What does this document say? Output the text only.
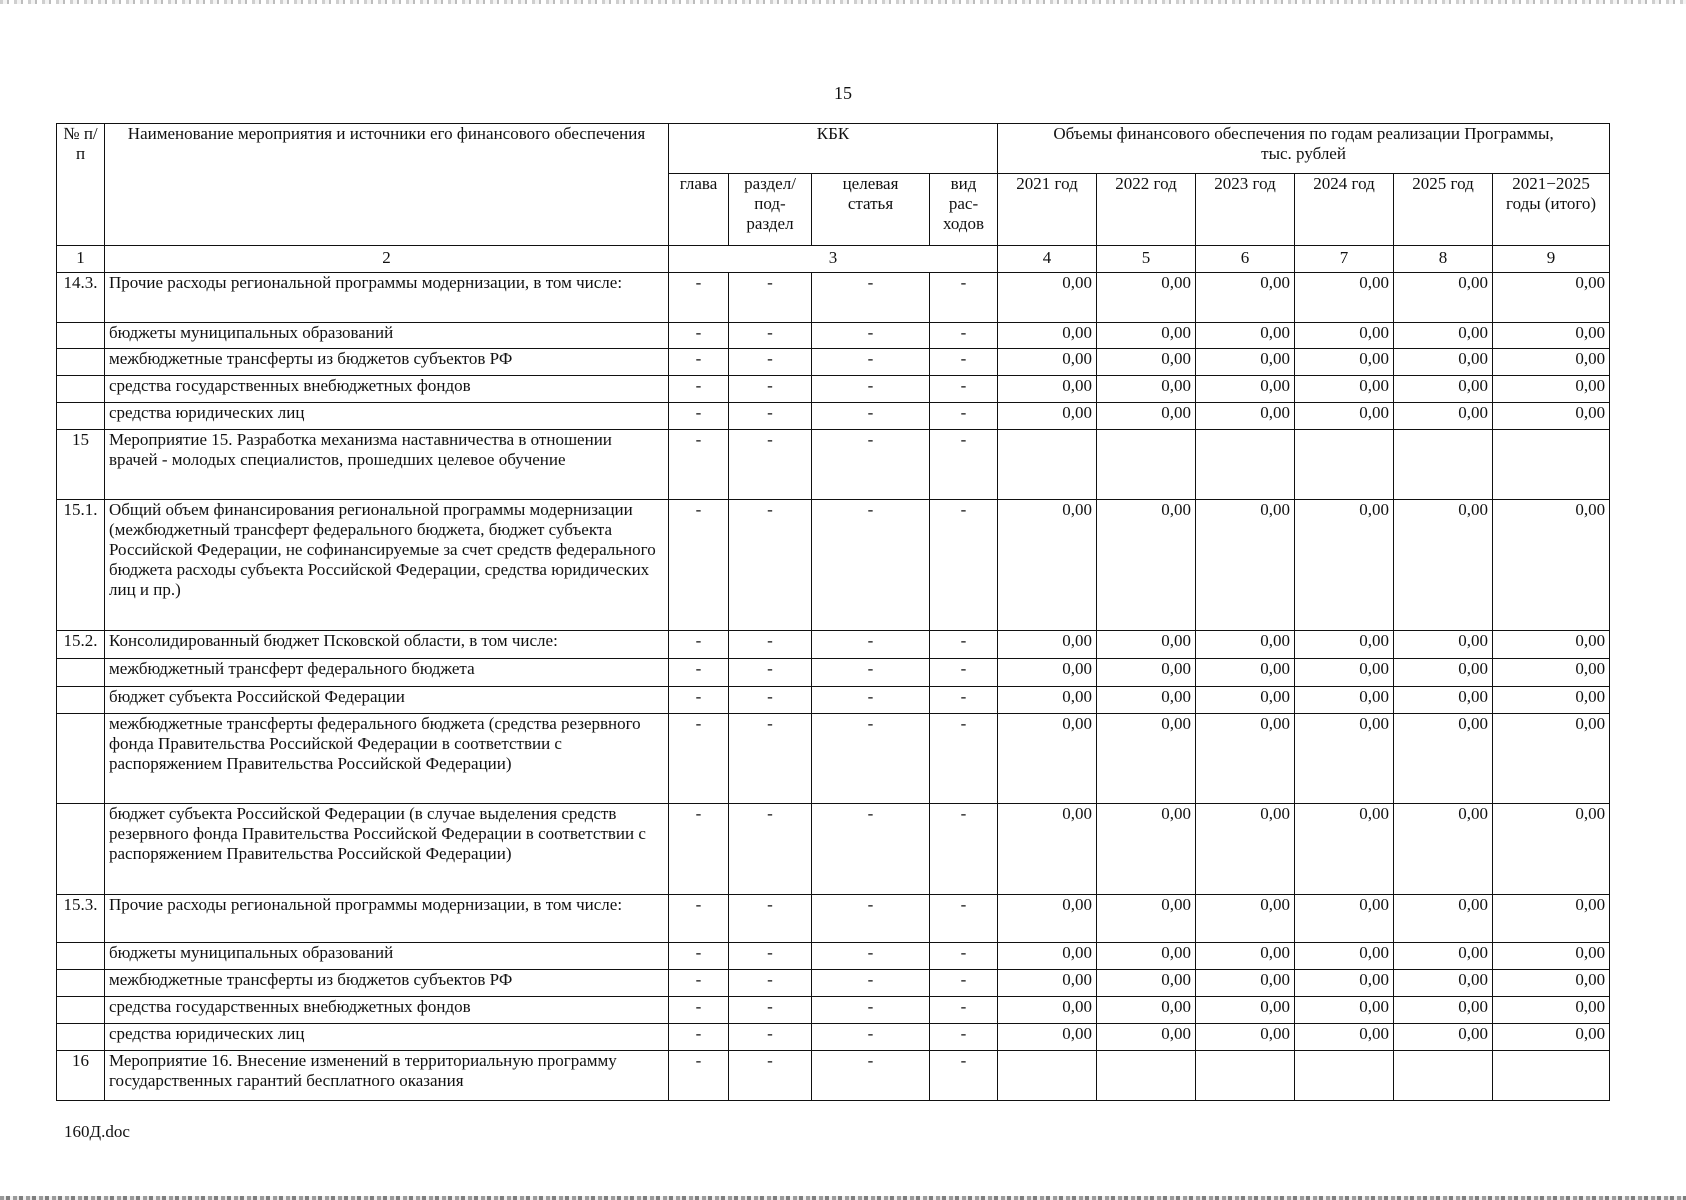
15
№ п/п	Наименование мероприятия и источники его финансового обеспечения	КБК				Объемы финансового обеспечения по годам реализации Программы, тыс. рублей					
		глава	раздел/ под- раздел	целевая статья	вид рас- ходов	2021 год	2022 год	2023 год	2024 год	2025 год	2021−2025 годы (итого)
1	2	3				4	5	6	7	8	9
14.3.	Прочие расходы региональной программы модернизации, в том числе:	-	-	-	-	0,00	0,00	0,00	0,00	0,00	0,00
	бюджеты муниципальных образований	-	-	-	-	0,00	0,00	0,00	0,00	0,00	0,00
	межбюджетные трансферты из бюджетов субъектов РФ	-	-	-	-	0,00	0,00	0,00	0,00	0,00	0,00
	средства государственных внебюджетных фондов	-	-	-	-	0,00	0,00	0,00	0,00	0,00	0,00
	средства юридических лиц	-	-	-	-	0,00	0,00	0,00	0,00	0,00	0,00
15	Мероприятие 15. Разработка механизма наставничества в отношении врачей - молодых специалистов, прошедших целевое обучение	-	-	-	-						
15.1.	Общий объем финансирования региональной программы модернизации (межбюджетный трансферт федерального бюджета, бюджет субъекта Российской Федерации, не софинансируемые за счет средств федерального бюджета расходы субъекта Российской Федерации, средства юридических лиц и пр.)	-	-	-	-	0,00	0,00	0,00	0,00	0,00	0,00
15.2.	Консолидированный бюджет Псковской области, в том числе:	-	-	-	-	0,00	0,00	0,00	0,00	0,00	0,00
	межбюджетный трансферт федерального бюджета	-	-	-	-	0,00	0,00	0,00	0,00	0,00	0,00
	бюджет субъекта Российской Федерации	-	-	-	-	0,00	0,00	0,00	0,00	0,00	0,00
	межбюджетные трансферты федерального бюджета (средства резервного фонда Правительства Российской Федерации в соответствии с распоряжением Правительства Российской Федерации)	-	-	-	-	0,00	0,00	0,00	0,00	0,00	0,00
	бюджет субъекта Российской Федерации (в случае выделения средств резервного фонда Правительства Российской Федерации в соответствии с распоряжением Правительства Российской Федерации)	-	-	-	-	0,00	0,00	0,00	0,00	0,00	0,00
15.3.	Прочие расходы региональной программы модернизации, в том числе:	-	-	-	-	0,00	0,00	0,00	0,00	0,00	0,00
	бюджеты муниципальных образований	-	-	-	-	0,00	0,00	0,00	0,00	0,00	0,00
	межбюджетные трансферты из бюджетов субъектов РФ	-	-	-	-	0,00	0,00	0,00	0,00	0,00	0,00
	средства государственных внебюджетных фондов	-	-	-	-	0,00	0,00	0,00	0,00	0,00	0,00
	средства юридических лиц	-	-	-	-	0,00	0,00	0,00	0,00	0,00	0,00
16	Мероприятие 16. Внесение изменений в территориальную программу государственных гарантий бесплатного оказания	-	-	-	-						
160Д.doc
